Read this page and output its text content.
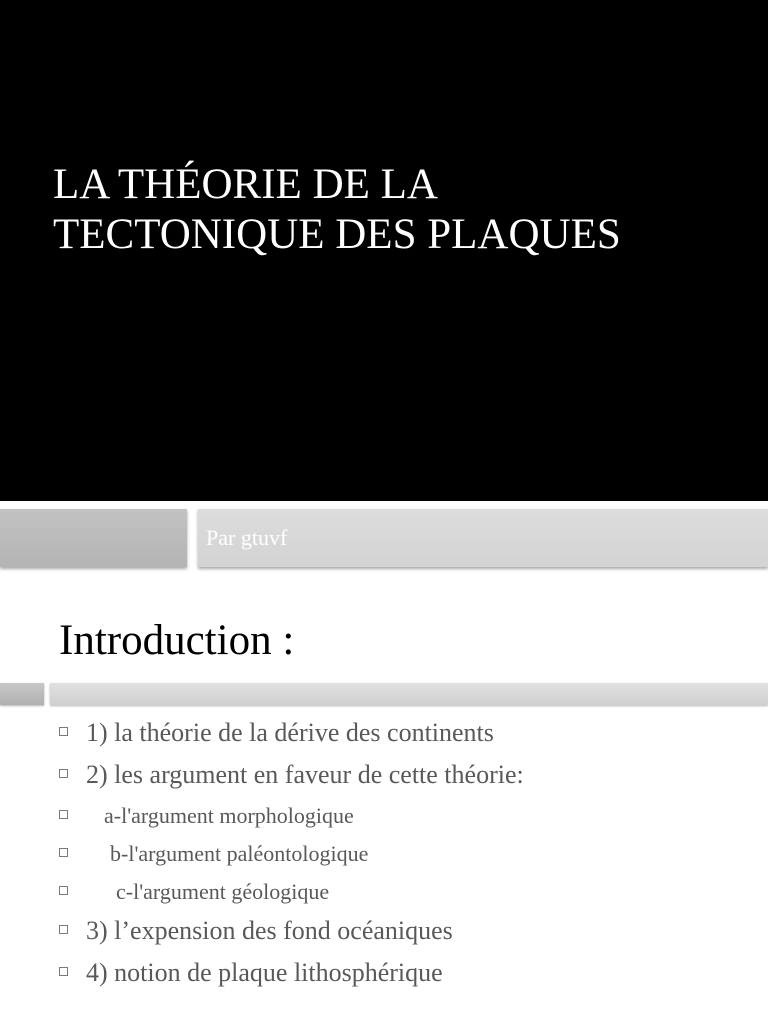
LA THÉORIE DE LA
TECTONIQUE DES PLAQUES
Par gtuvf
Introduction :
1) la théorie de la dérive des continents
2) les argument en faveur de cette théorie:
a-l'argument morphologique
b-l'argument paléontologique
c-l'argument géologique
3) l’expension des fond océaniques
4) notion de plaque lithosphérique
